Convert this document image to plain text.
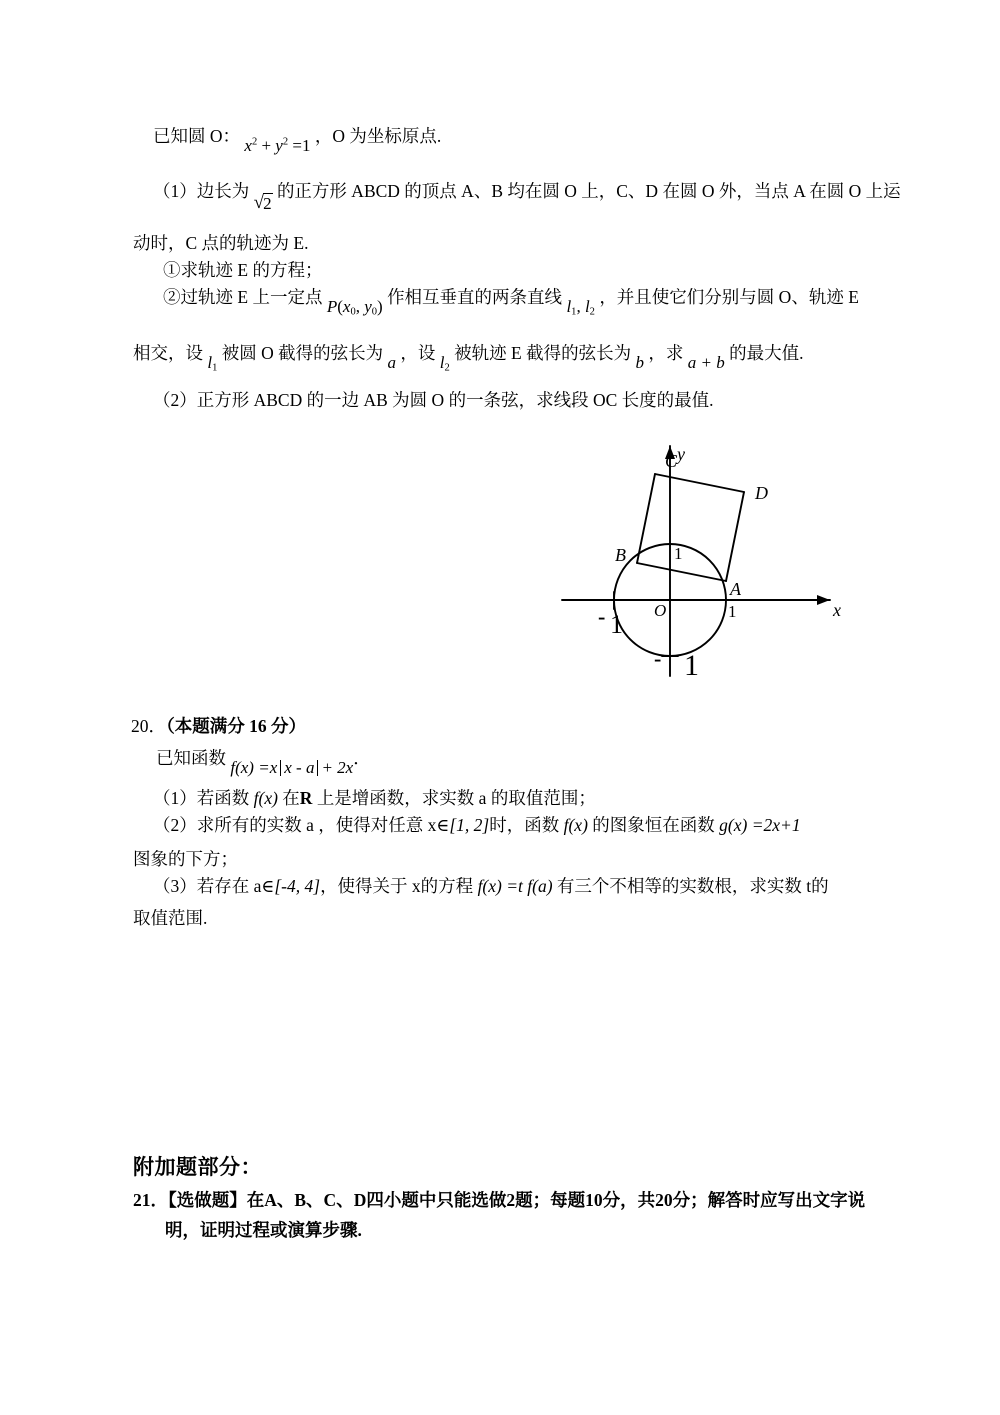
已知圆 O： $x^2 + y^2 =1$ ，O 为坐标原点.
（1）边长为 √2 的正方形 ABCD 的顶点 A、B 均在圆 O 上，C、D 在圆 O 外，当点 A 在圆 O 上运
动时，C 点的轨迹为 E.
①求轨迹 E 的方程；
②过轨迹 E 上一定点 $P(x_0$, $y_0$) 作相互垂直的两条直线 $l_1$, $l_2$ ，并且使它们分别与圆 O、轨迹 E
相交，设 $l_1$ 被圆 O 截得的弦长为 a ，设 $l_2$ 被轨迹 E 截得的弦长为 b ，求 a + b 的最大值.
（2）正方形 ABCD 的一边 AB 为圆 O 的一条弦，求线段 OC 长度的最值.
20．（本题满分 16 分）
已知函数 f(x) =x x - a + 2x．
（1）若函数 f(x) 在R 上是增函数，求实数 a 的取值范围；
（2）求所有的实数 a ，使得对任意 x∈[1, 2]时，函数 f(x) 的图象恒在函数 g(x) =2x+1
图象的下方；
（3）若存在 a∈[-4, 4]，使得关于 x的方程 f(x) =t f(a) 有三个不相等的实数根，求实数 t的
取值范围.
附加题部分：
21．【选做题】在A、B、C、D四小题中只能选做2题；每题10分，共20分；解答时应写出文字说
明，证明过程或演算步骤.
x
y
O
A
B
C
D
1
1
- 1
- 1
